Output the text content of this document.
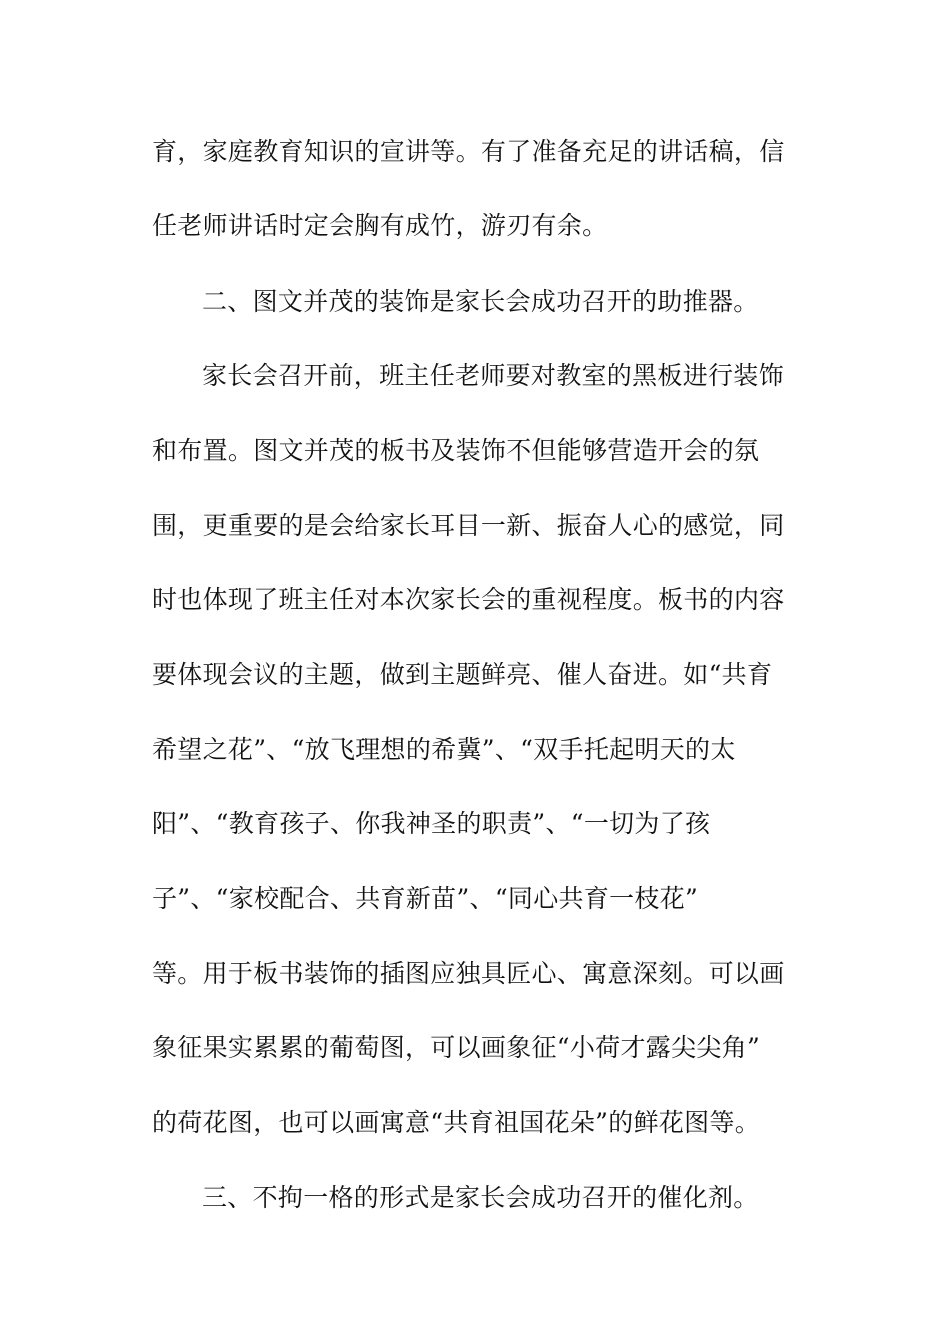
育，家庭教育知识的宣讲等。有了准备充足的讲话稿，信
任老师讲话时定会胸有成竹，游刃有余。
二、图文并茂的装饰是家长会成功召开的助推器。
家长会召开前，班主任老师要对教室的黑板进行装饰
和布置。图文并茂的板书及装饰不但能够营造开会的氛
围，更重要的是会给家长耳目一新、振奋人心的感觉，同
时也体现了班主任对本次家长会的重视程度。板书的内容
要体现会议的主题，做到主题鲜亮、催人奋进。如“共育
希望之花”、“放飞理想的希冀”、“双手托起明天的太
阳”、“教育孩子、你我神圣的职责”、“一切为了孩
子”、“家校配合、共育新苗”、“同心共育一枝花”
等。用于板书装饰的插图应独具匠心、寓意深刻。可以画
象征果实累累的葡萄图，可以画象征“小荷才露尖尖角”
的荷花图，也可以画寓意“共育祖国花朵”的鲜花图等。
三、不拘一格的形式是家长会成功召开的催化剂。
